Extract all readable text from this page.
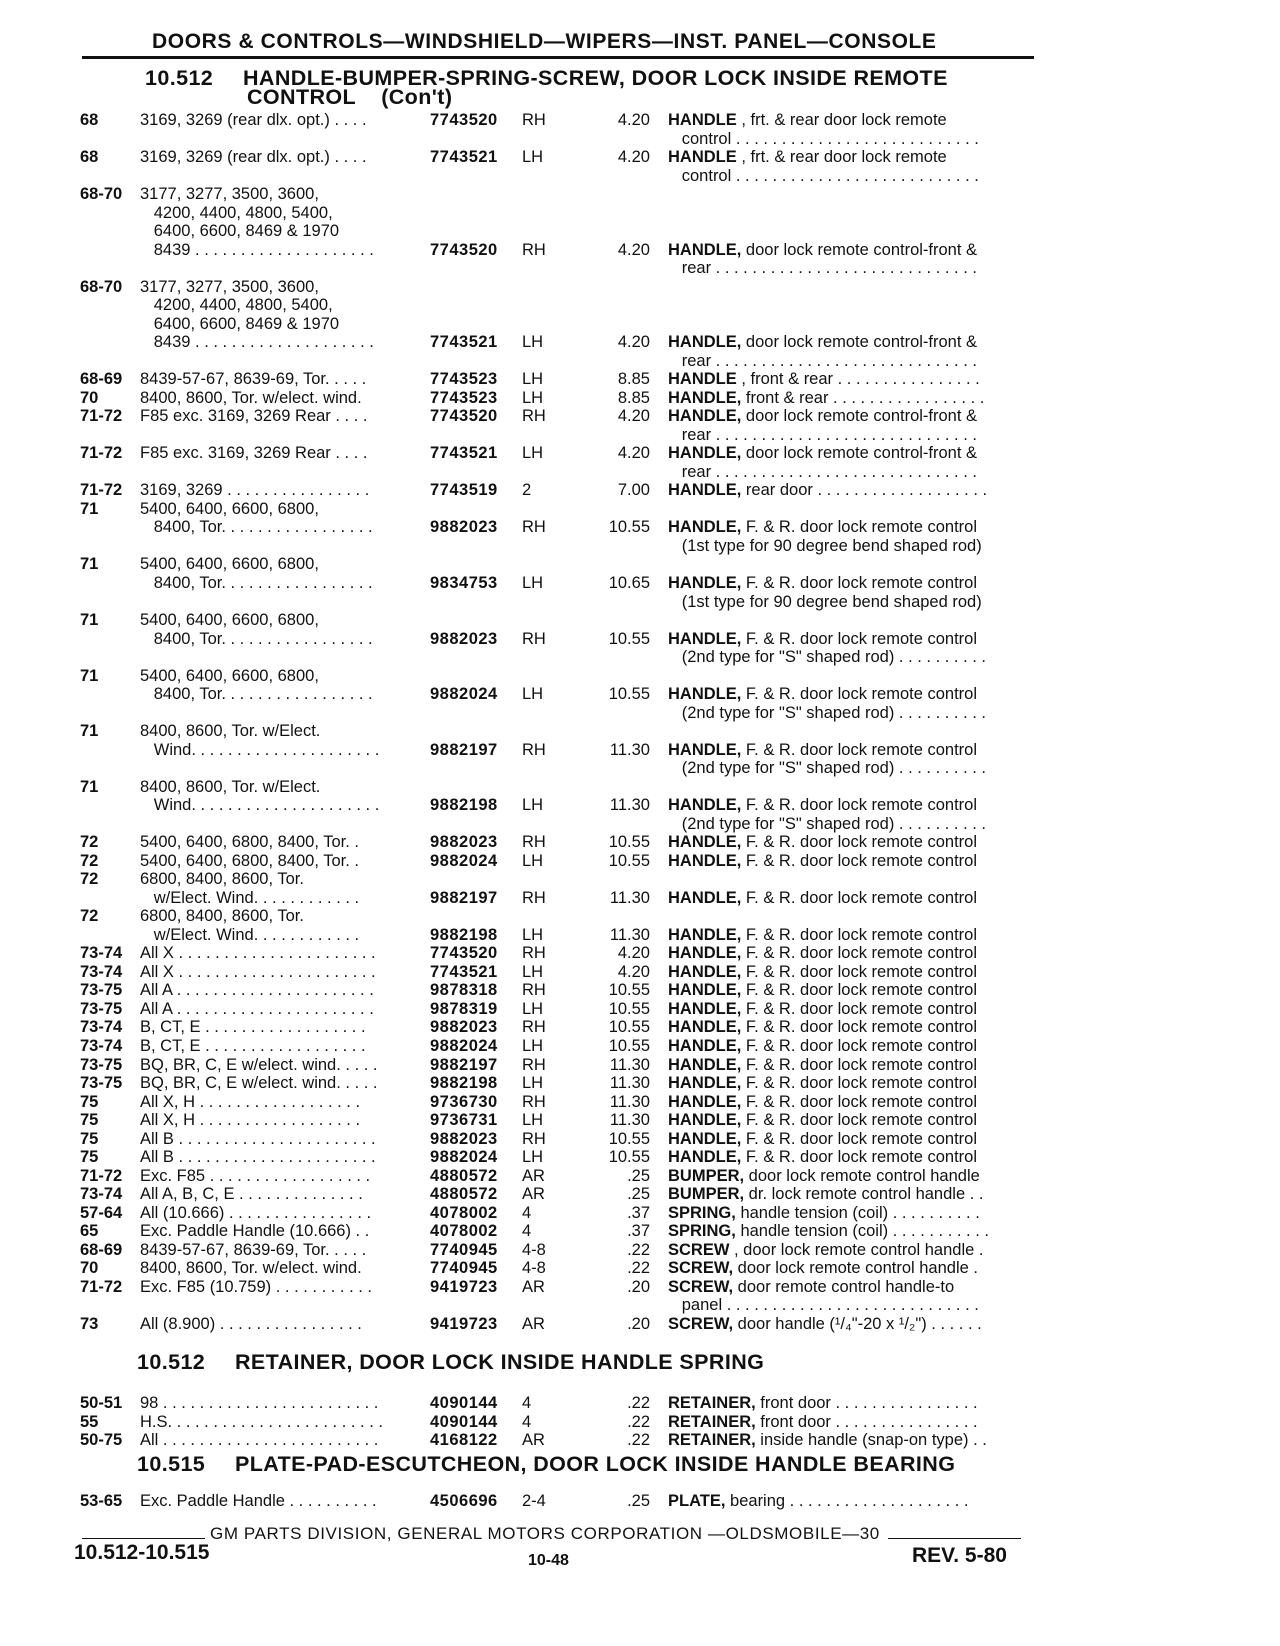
DOORS & CONTROLS—WINDSHIELD—WIPERS—INST. PANEL—CONSOLE
10.512 HANDLE-BUMPER-SPRING-SCREW, DOOR LOCK INSIDE REMOTE
CONTROL    (Con't)
68	3169, 3269 (rear dlx. opt.) . . . .	7743520	RH	4.20 HANDLE , frt. & rear door lock remote
control . . . . . . . . . . . . . . . . . . . . . . . . . . .
68	3169, 3269 (rear dlx. opt.) . . . .	7743521	LH	4.20 HANDLE , frt. & rear door lock remote
control . . . . . . . . . . . . . . . . . . . . . . . . . . .
68-70	3177, 3277, 3500, 3600,
4200, 4400, 4800, 5400,
6400, 6600, 8469 & 1970
8439 . . . . . . . . . . . . . . . . . . . .	7743520	RH	4.20 HANDLE, door lock remote control-front &
rear . . . . . . . . . . . . . . . . . . . . . . . . . . . . .
68-70	3177, 3277, 3500, 3600,
4200, 4400, 4800, 5400,
6400, 6600, 8469 & 1970
8439 . . . . . . . . . . . . . . . . . . . .	7743521	LH	4.20 HANDLE, door lock remote control-front &
rear . . . . . . . . . . . . . . . . . . . . . . . . . . . . .
68-69	8439-57-67, 8639-69, Tor. . . . .	7743523	LH	8.85 HANDLE , front & rear . . . . . . . . . . . . . . . .
70	8400, 8600, Tor. w/elect. wind.	7743523	LH	8.85 HANDLE, front & rear . . . . . . . . . . . . . . . . .
71-72	F85 exc. 3169, 3269 Rear . . . .	7743520	RH	4.20 HANDLE, door lock remote control-front &
rear . . . . . . . . . . . . . . . . . . . . . . . . . . . . .
71-72	F85 exc. 3169, 3269 Rear . . . .	7743521	LH	4.20 HANDLE, door lock remote control-front &
rear . . . . . . . . . . . . . . . . . . . . . . . . . . . . .
71-72	3169, 3269 . . . . . . . . . . . . . . . .	7743519	2	7.00 HANDLE, rear door . . . . . . . . . . . . . . . . . . .
71	5400, 6400, 6600, 6800,
8400, Tor. . . . . . . . . . . . . . . . .	9882023	RH	10.55 HANDLE, F. & R. door lock remote control
(1st type for 90 degree bend shaped rod)
71	5400, 6400, 6600, 6800,
8400, Tor. . . . . . . . . . . . . . . . .	9834753	LH	10.65 HANDLE, F. & R. door lock remote control
(1st type for 90 degree bend shaped rod)
71	5400, 6400, 6600, 6800,
8400, Tor. . . . . . . . . . . . . . . . .	9882023	RH	10.55 HANDLE, F. & R. door lock remote control
(2nd type for "S" shaped rod) . . . . . . . . . .
71	5400, 6400, 6600, 6800,
8400, Tor. . . . . . . . . . . . . . . . .	9882024	LH	10.55 HANDLE, F. & R. door lock remote control
(2nd type for "S" shaped rod) . . . . . . . . . .
71	8400, 8600, Tor. w/Elect.
Wind. . . . . . . . . . . . . . . . . . . . .	9882197	RH	11.30 HANDLE, F. & R. door lock remote control
(2nd type for "S" shaped rod) . . . . . . . . . .
71	8400, 8600, Tor. w/Elect.
Wind. . . . . . . . . . . . . . . . . . . . .	9882198	LH	11.30 HANDLE, F. & R. door lock remote control
(2nd type for "S" shaped rod) . . . . . . . . . .
72	5400, 6400, 6800, 8400, Tor. .	9882023	RH	10.55 HANDLE, F. & R. door lock remote control
72	5400, 6400, 6800, 8400, Tor. .	9882024	LH	10.55 HANDLE, F. & R. door lock remote control
72	6800, 8400, 8600, Tor.
w/Elect. Wind. . . . . . . . . . . .	9882197	RH	11.30 HANDLE, F. & R. door lock remote control
72	6800, 8400, 8600, Tor.
w/Elect. Wind. . . . . . . . . . . .	9882198	LH	11.30 HANDLE, F. & R. door lock remote control
73-74	All X . . . . . . . . . . . . . . . . . . . . . .	7743520	RH	4.20 HANDLE, F. & R. door lock remote control
73-74	All X . . . . . . . . . . . . . . . . . . . . . .	7743521	LH	4.20 HANDLE, F. & R. door lock remote control
73-75	All A . . . . . . . . . . . . . . . . . . . . . .	9878318	RH	10.55 HANDLE, F. & R. door lock remote control
73-75	All A . . . . . . . . . . . . . . . . . . . . . .	9878319	LH	10.55 HANDLE, F. & R. door lock remote control
73-74	B, CT, E . . . . . . . . . . . . . . . . . .	9882023	RH	10.55 HANDLE, F. & R. door lock remote control
73-74	B, CT, E . . . . . . . . . . . . . . . . . .	9882024	LH	10.55 HANDLE, F. & R. door lock remote control
73-75	BQ, BR, C, E w/elect. wind. . . . .	9882197	RH	11.30 HANDLE, F. & R. door lock remote control
73-75	BQ, BR, C, E w/elect. wind. . . . .	9882198	LH	11.30 HANDLE, F. & R. door lock remote control
75	All X, H . . . . . . . . . . . . . . . . . .	9736730	RH	11.30 HANDLE, F. & R. door lock remote control
75	All X, H . . . . . . . . . . . . . . . . . .	9736731	LH	11.30 HANDLE, F. & R. door lock remote control
75	All B . . . . . . . . . . . . . . . . . . . . . .	9882023	RH	10.55 HANDLE, F. & R. door lock remote control
75	All B . . . . . . . . . . . . . . . . . . . . . .	9882024	LH	10.55 HANDLE, F. & R. door lock remote control
71-72	Exc. F85 . . . . . . . . . . . . . . . . . .	4880572	AR	.25 BUMPER, door lock remote control handle
73-74	All A, B, C, E . . . . . . . . . . . . . .	4880572	AR	.25 BUMPER, dr. lock remote control handle . .
57-64	All (10.666) . . . . . . . . . . . . . . . .	4078002	4	.37 SPRING, handle tension (coil) . . . . . . . . . .
65	Exc. Paddle Handle (10.666) . .	4078002	4	.37 SPRING, handle tension (coil) . . . . . . . . . . .
68-69	8439-57-67, 8639-69, Tor. . . . .	7740945	4-8	.22 SCREW , door lock remote control handle .
70	8400, 8600, Tor. w/elect. wind.	7740945	4-8	.22 SCREW, door lock remote control handle .
71-72	Exc. F85 (10.759) . . . . . . . . . . .	9419723	AR	.20 SCREW, door remote control handle-to
panel . . . . . . . . . . . . . . . . . . . . . . . . . . . .
73	All (8.900) . . . . . . . . . . . . . . . .	9419723	AR	.20 SCREW, door handle (¹/₄"-20 x ¹/₂") . . . . . .
10.512 RETAINER, DOOR LOCK INSIDE HANDLE SPRING
50-51	98 . . . . . . . . . . . . . . . . . . . . . . . .	4090144	4	.22 RETAINER, front door . . . . . . . . . . . . . . . .
55	H.S. . . . . . . . . . . . . . . . . . . . . . . .	4090144	4	.22 RETAINER, front door . . . . . . . . . . . . . . . .
50-75	All . . . . . . . . . . . . . . . . . . . . . . . .	4168122	AR	.22 RETAINER, inside handle (snap-on type) . .
10.515 PLATE-PAD-ESCUTCHEON, DOOR LOCK INSIDE HANDLE BEARING
53-65	Exc. Paddle Handle . . . . . . . . . .	4506696	2-4	.25 PLATE, bearing . . . . . . . . . . . . . . . . . . . .
GM PARTS DIVISION, GENERAL MOTORS CORPORATION —OLDSMOBILE—30
10.512-10.515	10-48	REV. 5-80
